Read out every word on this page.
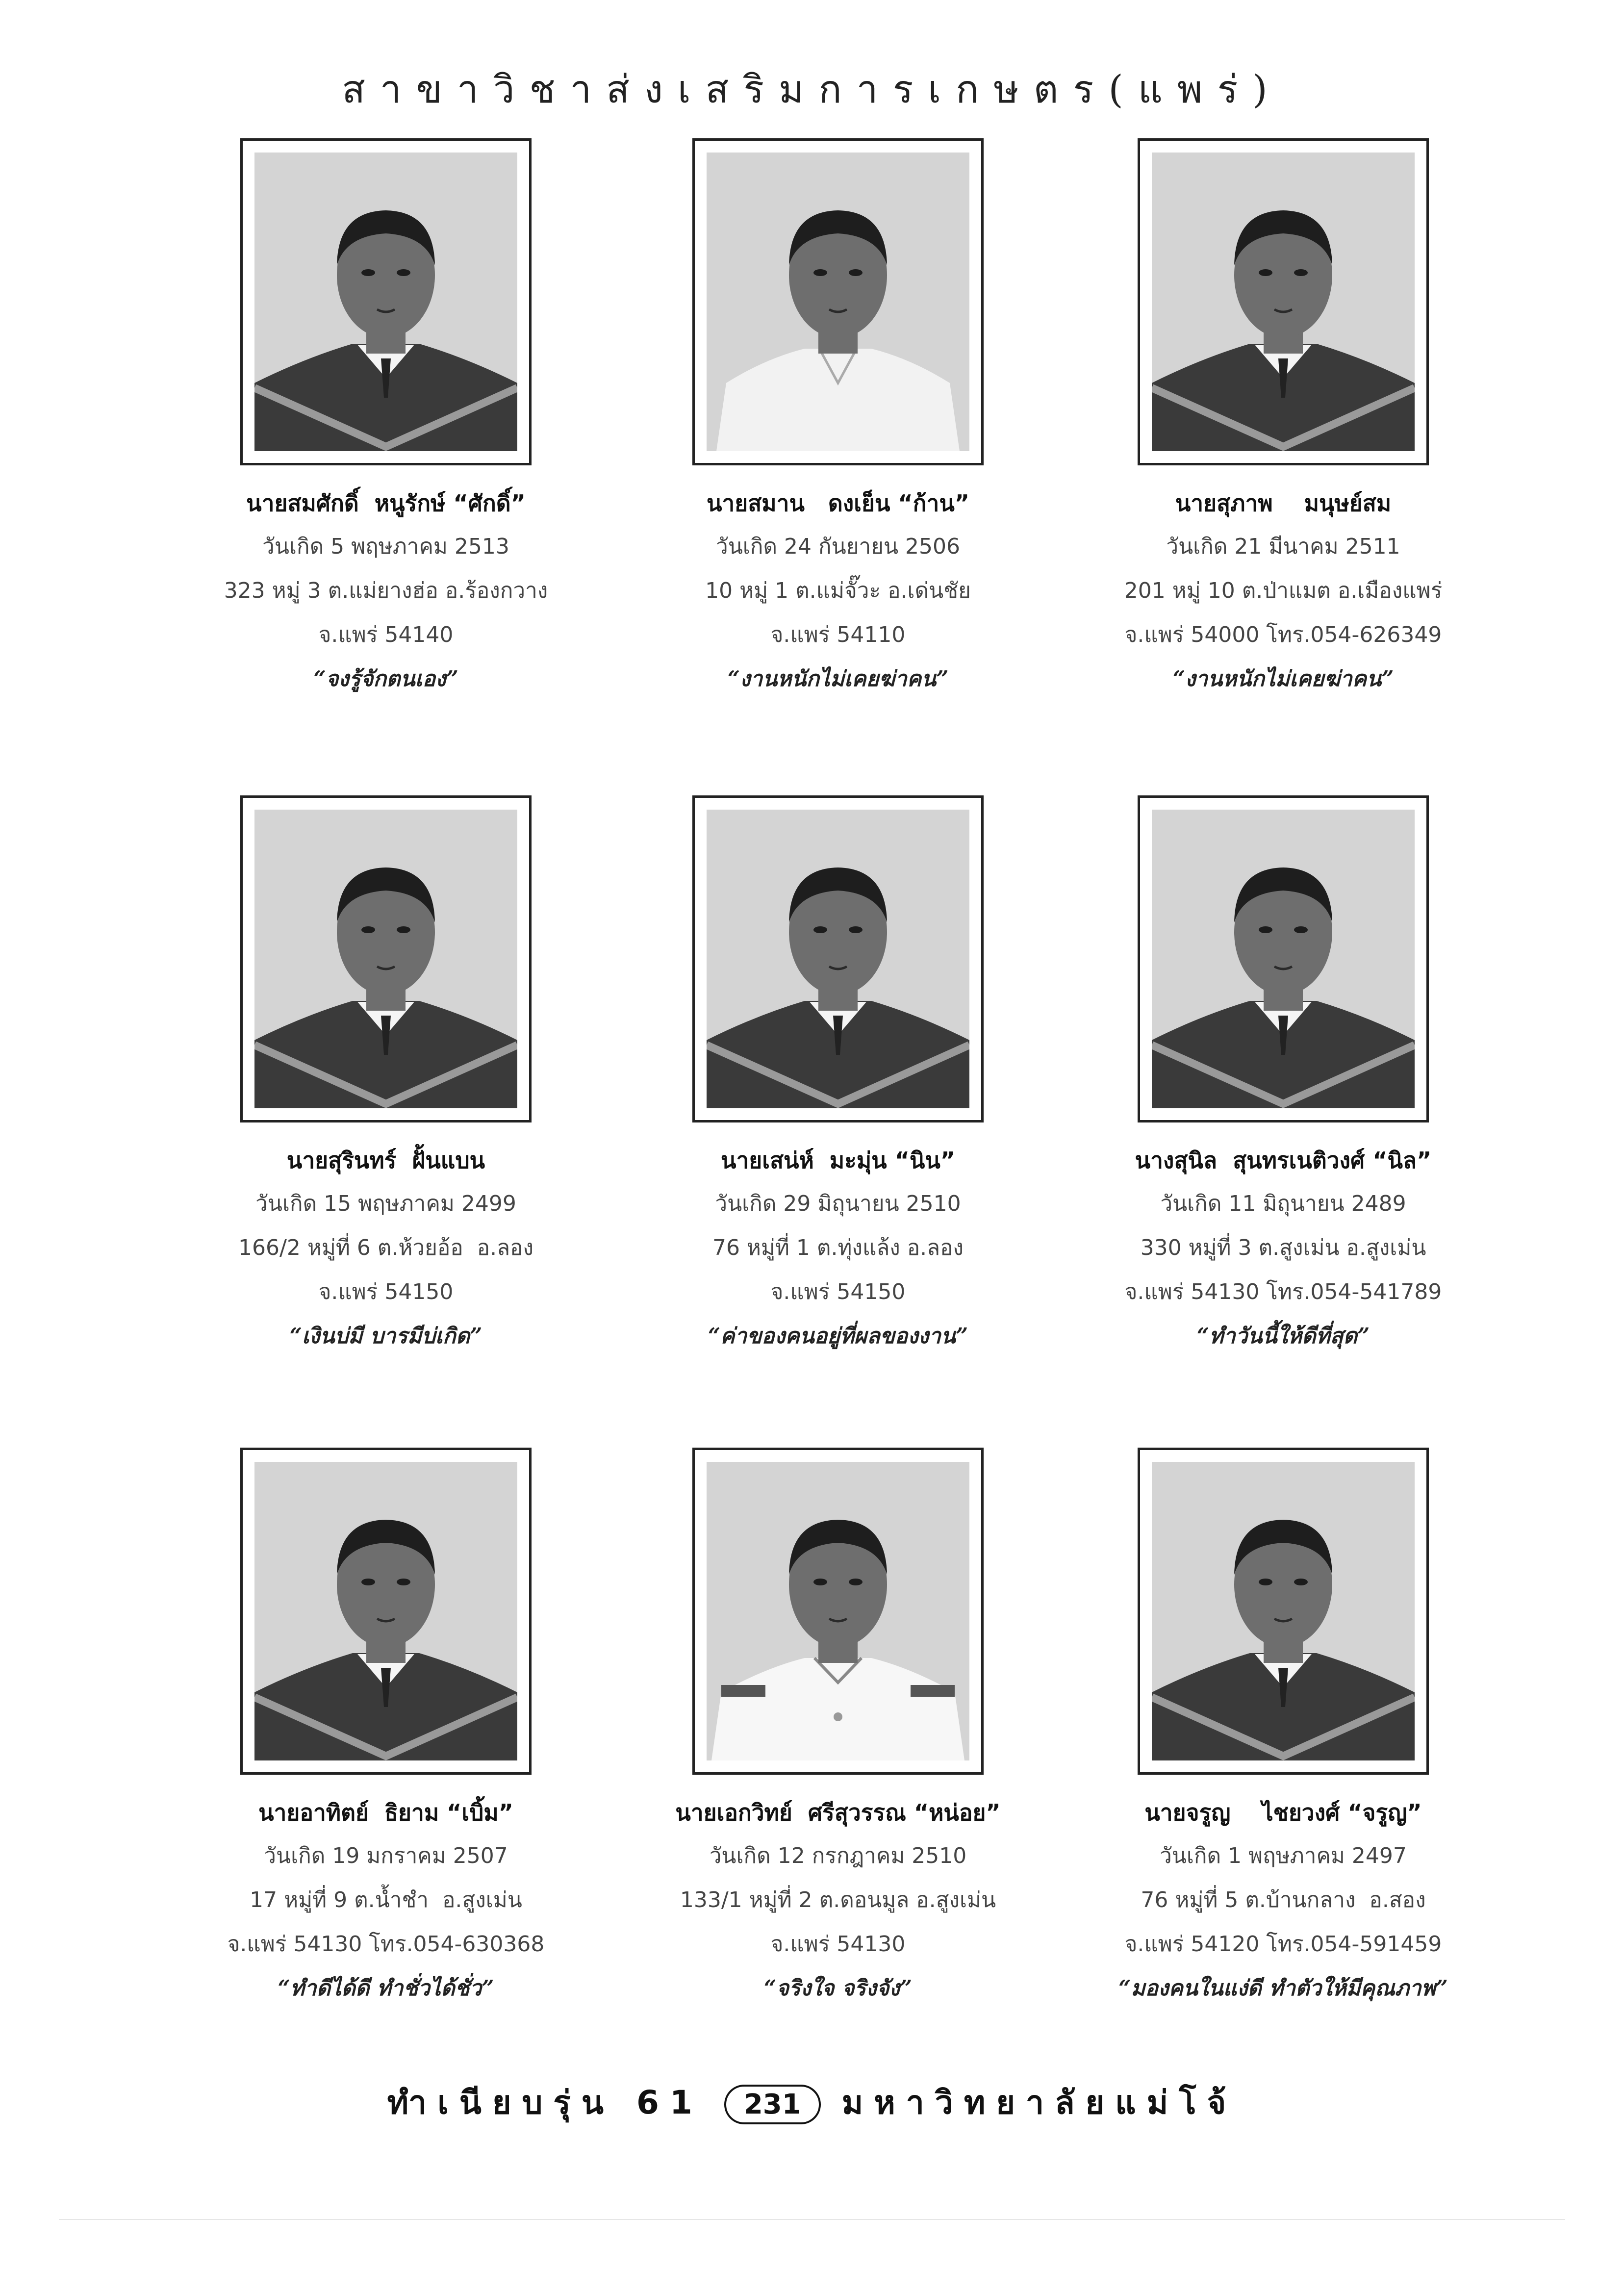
สาขาวิชาส่งเสริมการเกษตร(แพร่)
นายสมศักดิ์  หนูรักษ์ “ศักดิ์”
วันเกิด 5 พฤษภาคม 2513
323 หมู่ 3 ต.แม่ยางฮ่อ อ.ร้องกวาง
จ.แพร่ 54140
“จงรู้จักตนเอง”
นายสมาน   ดงเย็น “ก้าน”
วันเกิด 24 กันยายน 2506
10 หมู่ 1 ต.แม่จั๊วะ อ.เด่นชัย
จ.แพร่ 54110
“งานหนักไม่เคยฆ่าคน”
นายสุภาพ    มนุษย์สม
วันเกิด 21 มีนาคม 2511
201 หมู่ 10 ต.ป่าแมต อ.เมืองแพร่
จ.แพร่ 54000 โทร.054-626349
“งานหนักไม่เคยฆ่าคน”
นายสุรินทร์  ฝั้นแบน
วันเกิด 15 พฤษภาคม 2499
166/2 หมู่ที่ 6 ต.ห้วยอ้อ  อ.ลอง
จ.แพร่ 54150
“เงินบ่มี บารมีบ่เกิด”
นายเสน่ห์  มะมุ่น “นิน”
วันเกิด 29 มิถุนายน 2510
76 หมู่ที่ 1 ต.ทุ่งแล้ง อ.ลอง
จ.แพร่ 54150
“ค่าของคนอยู่ที่ผลของงาน”
นางสุนิล  สุนทรเนติวงศ์ “นิล”
วันเกิด 11 มิถุนายน 2489
330 หมู่ที่ 3 ต.สูงเม่น อ.สูงเม่น
จ.แพร่ 54130 โทร.054-541789
“ทำวันนี้ให้ดีที่สุด”
นายอาทิตย์  ธิยาม “เบิ้ม”
วันเกิด 19 มกราคม 2507
17 หมู่ที่ 9 ต.น้ำชำ  อ.สูงเม่น
จ.แพร่ 54130 โทร.054-630368
“ทำดีได้ดี ทำชั่วได้ชั่ว”
นายเอกวิทย์  ศรีสุวรรณ “หน่อย”
วันเกิด 12 กรกฎาคม 2510
133/1 หมู่ที่ 2 ต.ดอนมูล อ.สูงเม่น
จ.แพร่ 54130
“จริงใจ จริงจัง”
นายจรูญ    ไชยวงศ์ “จรูญ”
วันเกิด 1 พฤษภาคม 2497
76 หมู่ที่ 5 ต.บ้านกลาง  อ.สอง
จ.แพร่ 54120 โทร.054-591459
“มองคนในแง่ดี ทำตัวให้มีคุณภาพ”
ทำเนียบรุ่น 61 231 มหาวิทยาลัยแม่โจ้
